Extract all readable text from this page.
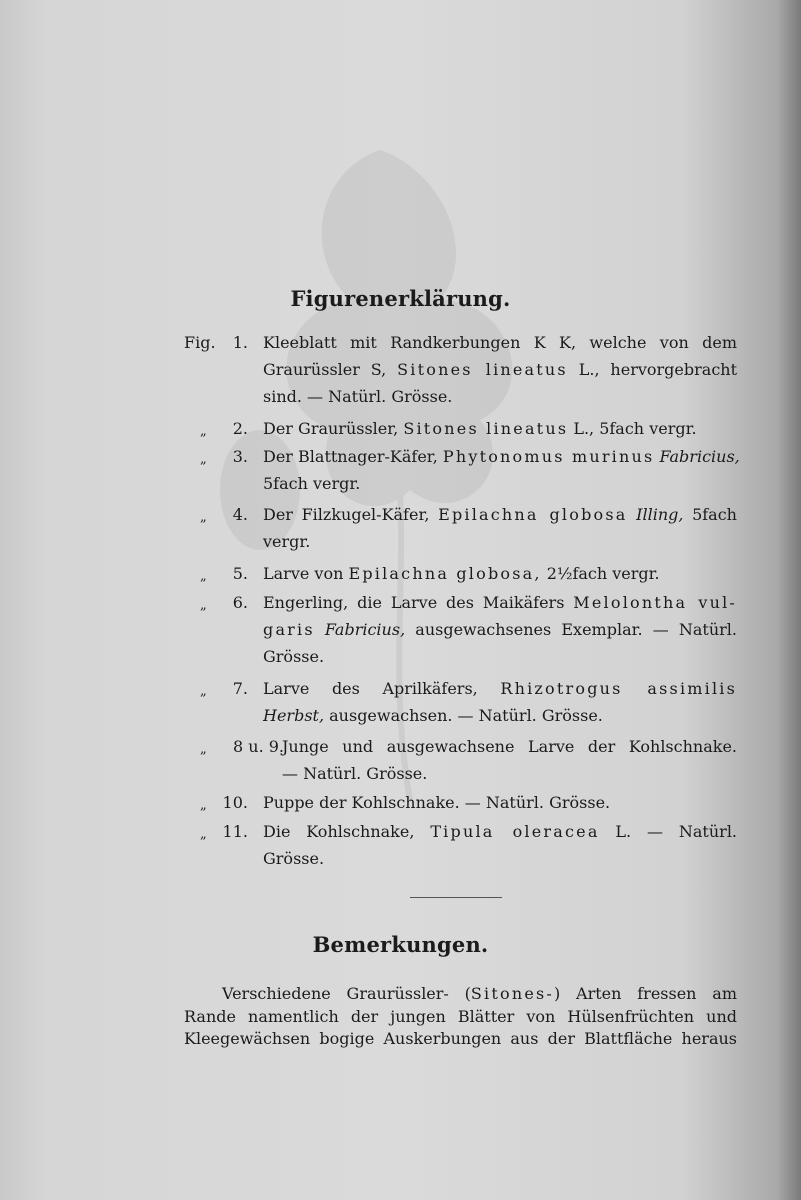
Figurenerklärung.
Fig.	1. Kleeblatt mit Randkerbungen K K, welche von dem
Graurüssler S, Sitones lineatus L., hervorgebracht
sind. — Natürl. Grösse.
„	2. Der Graurüssler, Sitones lineatus L., 5fach vergr.
„	3. Der Blattnager-Käfer, Phytonomus murinus Fabricius,
5fach vergr.
„	4. Der Filzkugel-Käfer, Epilachna globosa Illing, 5fach
vergr.
„	5. Larve von Epilachna globosa, 2½fach vergr.
„	6. Engerling, die Larve des Maikäfers Melolontha vul-
garis Fabricius, ausgewachsenes Exemplar. — Natürl.
Grösse.
„	7. Larve des Aprilkäfers, Rhizotrogus assimilis
Herbst, ausgewachsen. — Natürl. Grösse.
„ 8 u. 9.
Junge und ausgewachsene Larve der Kohlschnake.
— Natürl. Grösse.
„ 10. Puppe der Kohlschnake. — Natürl. Grösse.
„ 11. Die Kohlschnake, Tipula oleracea L. — Natürl.
Grösse.
Bemerkungen.
Verschiedene Graurüssler- (Sitones-) Arten fressen am
Rande namentlich der jungen Blätter von Hülsenfrüchten und
Kleegewächsen bogige Auskerbungen aus der Blattfläche heraus
